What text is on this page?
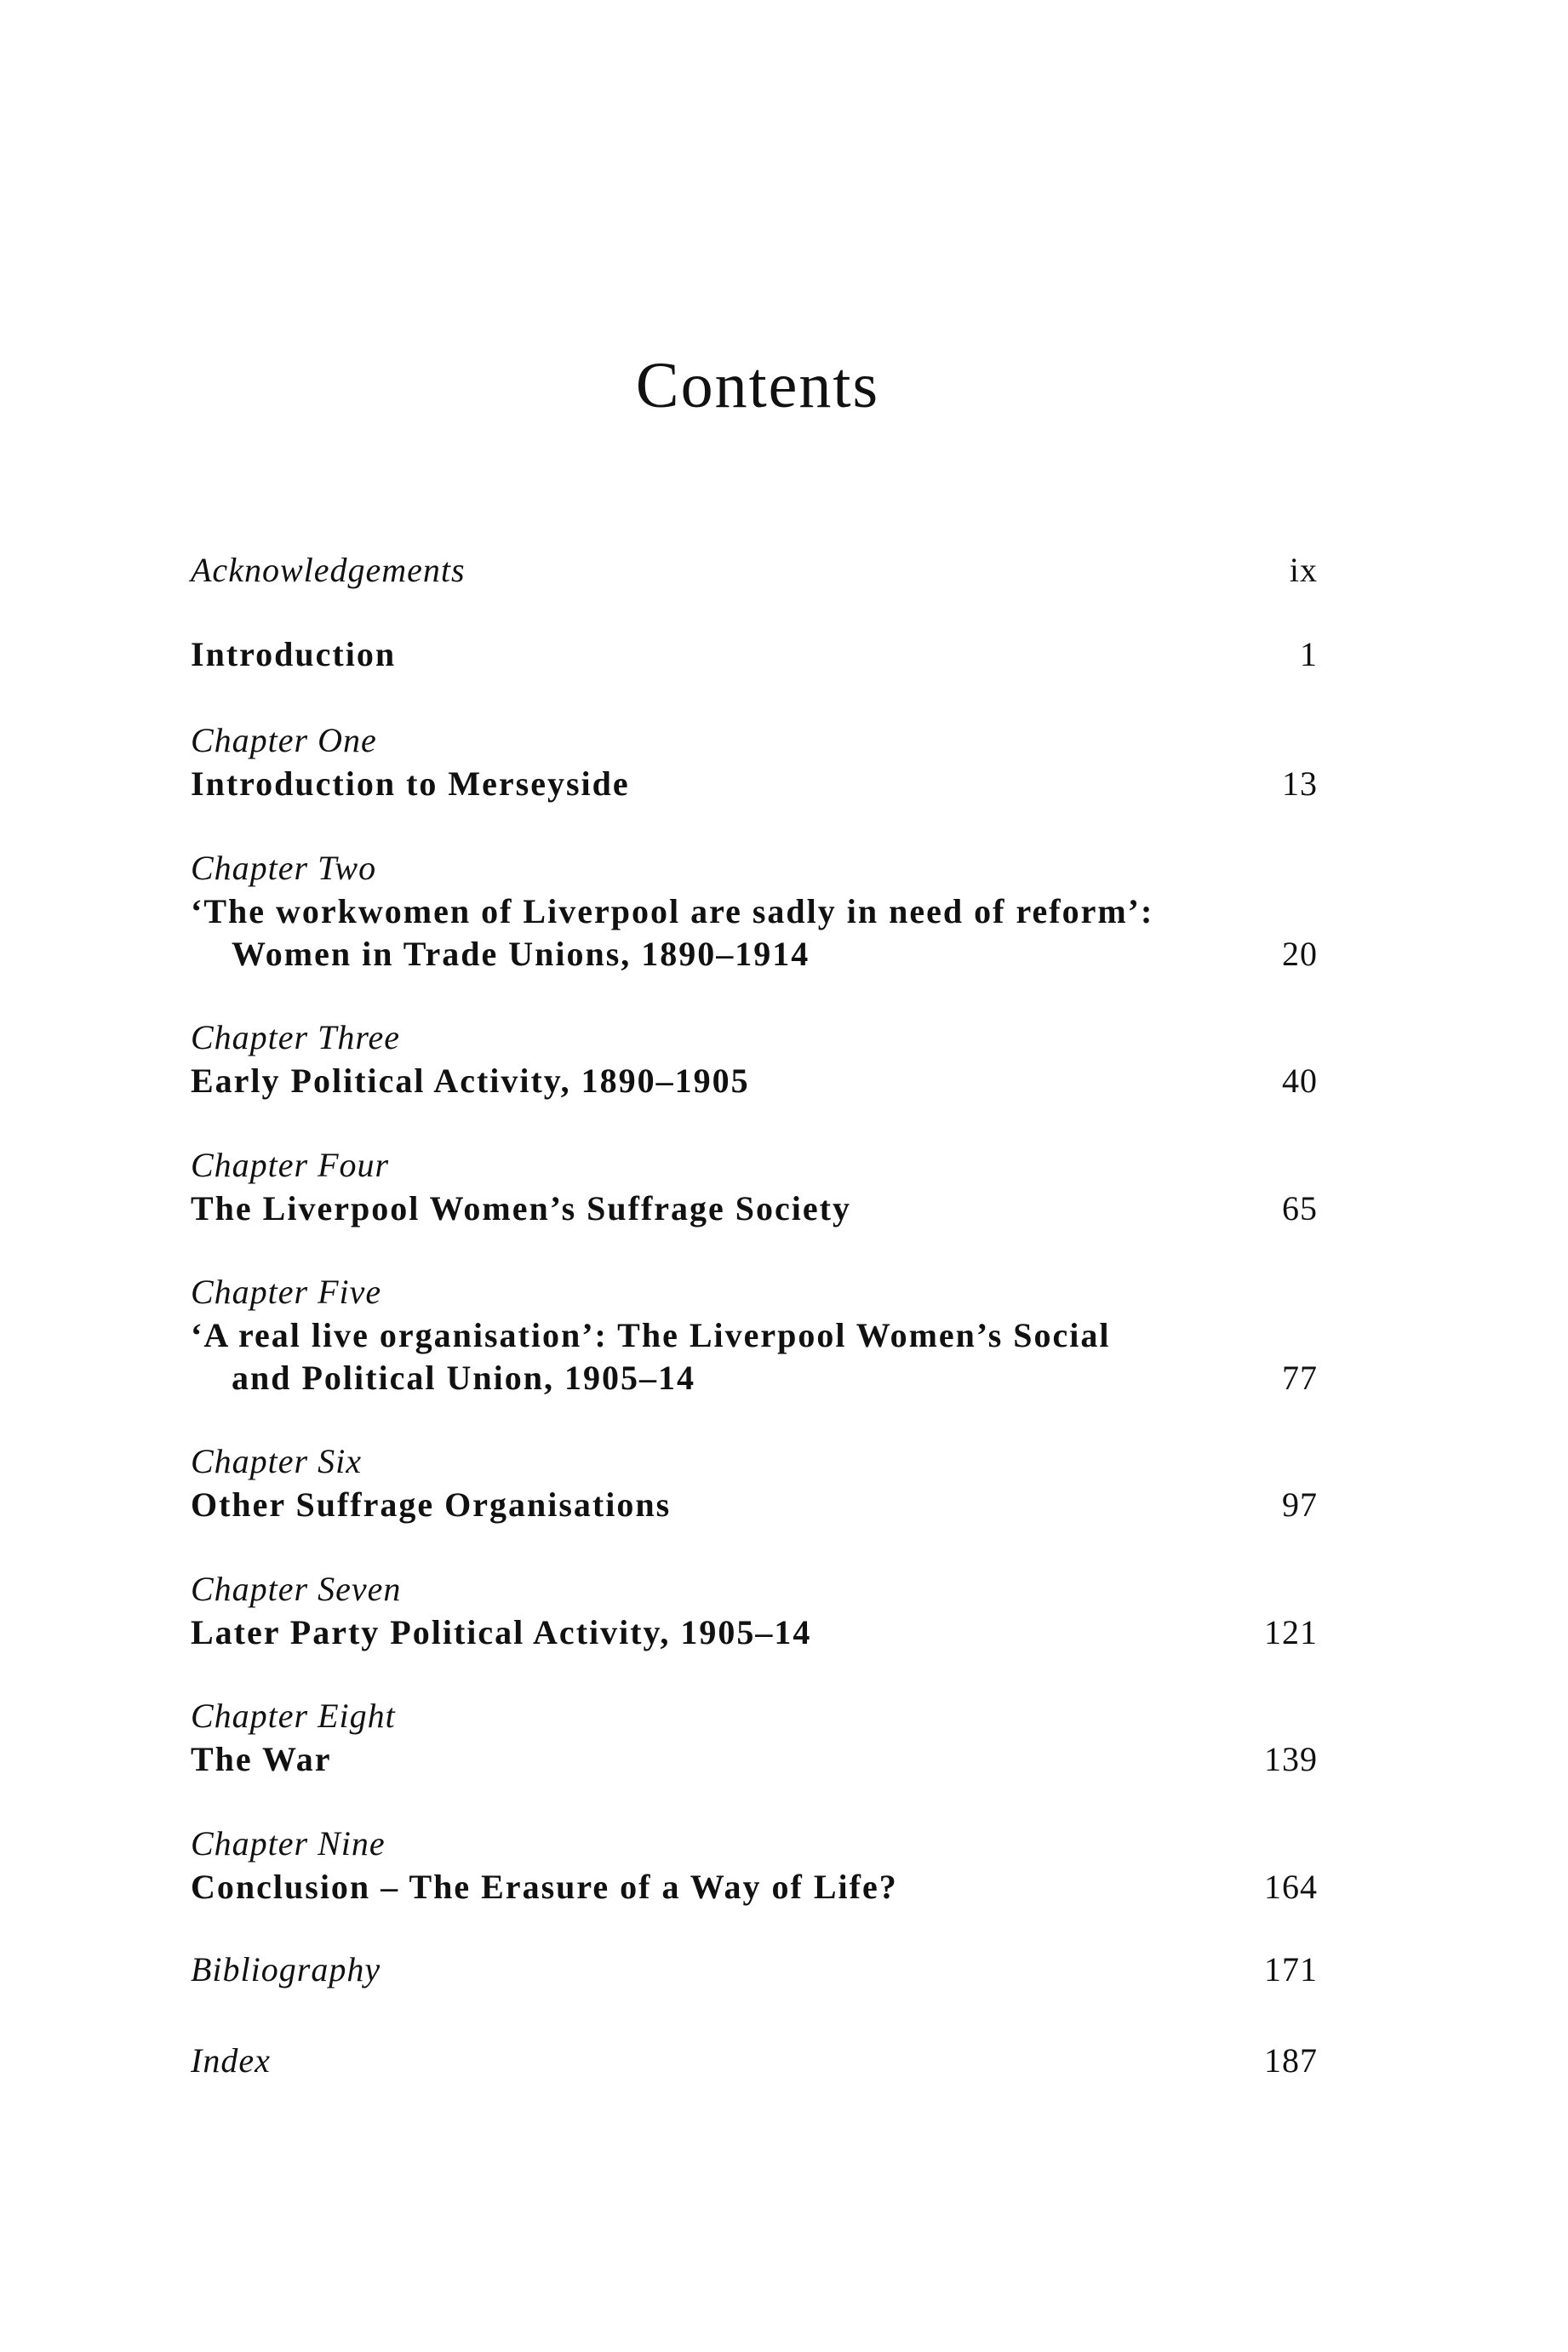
Contents
Acknowledgements	ix
Introduction	1
Chapter One
Introduction to Merseyside	13
Chapter Two
‘The workwomen of Liverpool are sadly in need of reform’:
Women in Trade Unions, 1890–1914	20
Chapter Three
Early Political Activity, 1890–1905	40
Chapter Four
The Liverpool Women’s Suffrage Society	65
Chapter Five
‘A real live organisation’: The Liverpool Women’s Social
and Political Union, 1905–14	77
Chapter Six
Other Suffrage Organisations	97
Chapter Seven
Later Party Political Activity, 1905–14	121
Chapter Eight
The War	139
Chapter Nine
Conclusion – The Erasure of a Way of Life?	164
Bibliography	171
Index	187
